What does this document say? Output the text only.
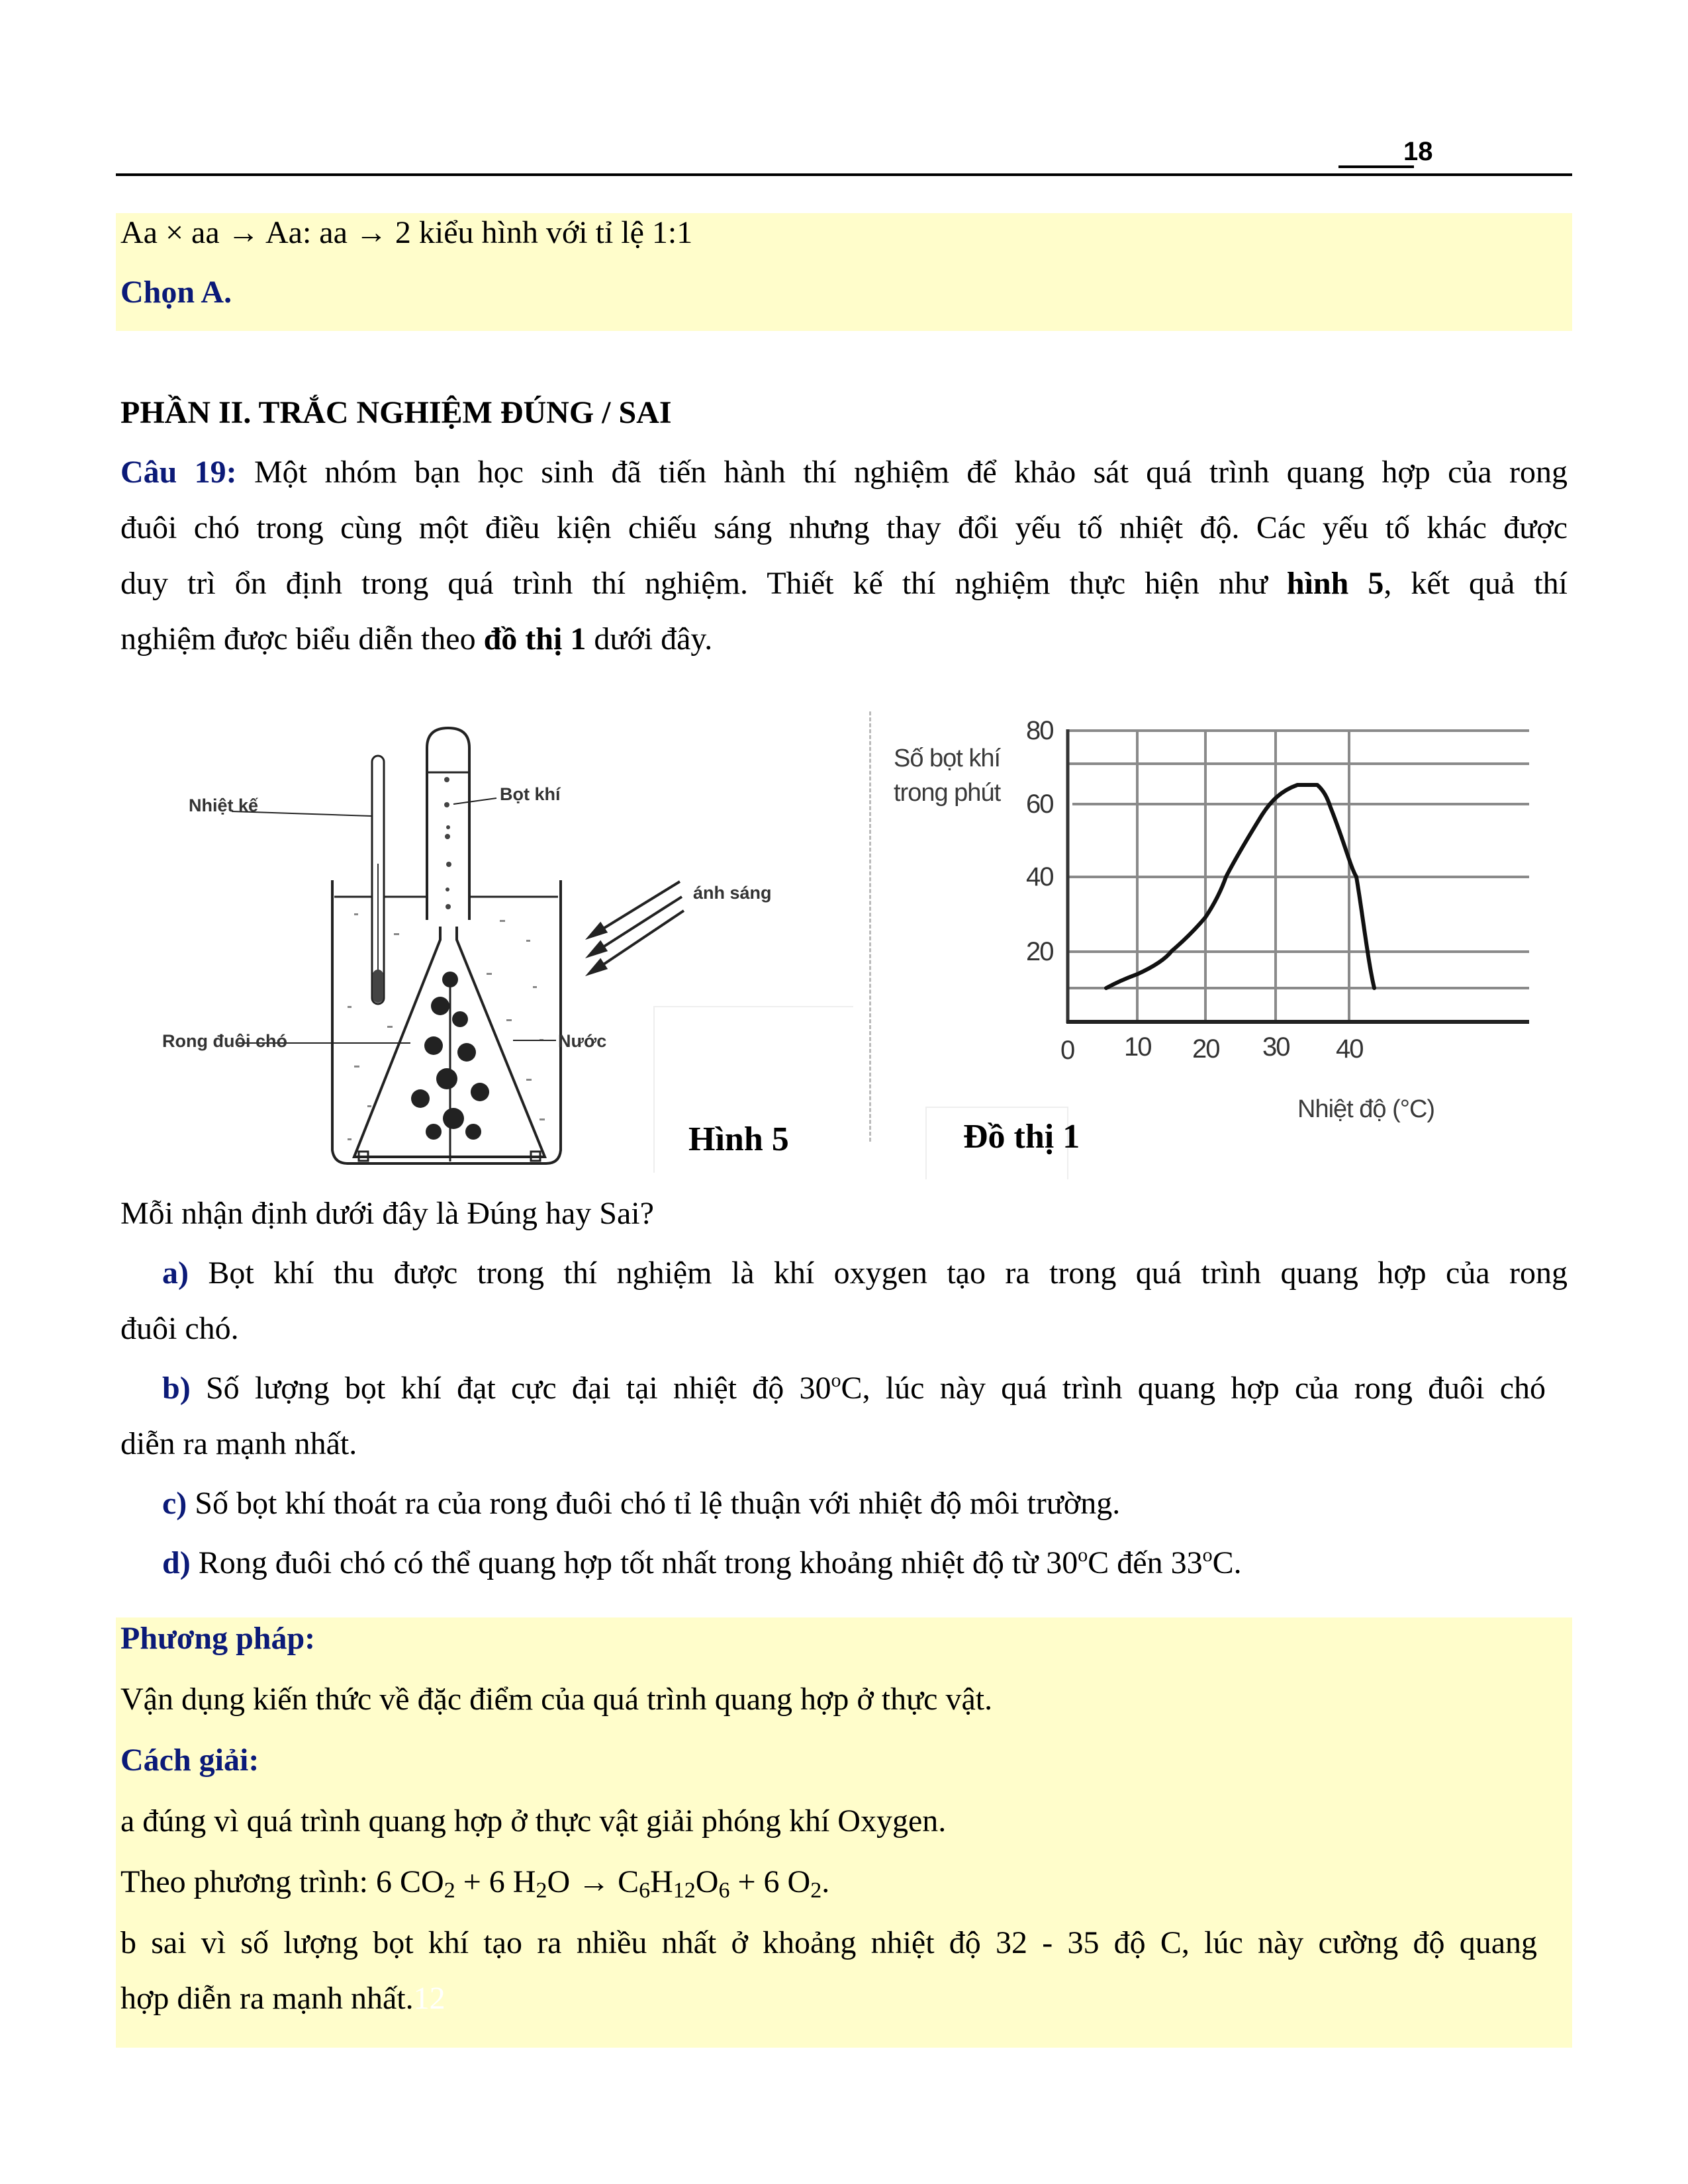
18
Aa × aa → Aa: aa → 2 kiểu hình với tỉ lệ 1:1
Chọn A.
PHẦN II. TRẮC NGHIỆM ĐÚNG / SAI
Câu 19: Một nhóm bạn học sinh đã tiến hành thí nghiệm để khảo sát quá trình quang hợp của rong
đuôi chó trong cùng một điều kiện chiếu sáng nhưng thay đổi yếu tố nhiệt độ. Các yếu tố khác được
duy trì ổn định trong quá trình thí nghiệm. Thiết kế thí nghiệm thực hiện như hình 5, kết quả thí
nghiệm được biểu diễn theo đồ thị 1 dưới đây.
Nhiệt kế
Bọt khí
ánh sáng
Rong đuôi chó	Nước
Hình 5
Số bọt khí
trong phút
80
60
40
20
0 10 20 30 40
Nhiệt độ (°C)
Đồ thị 1
Mỗi nhận định dưới đây là Đúng hay Sai?
a) Bọt khí thu được trong thí nghiệm là khí oxygen tạo ra trong quá trình quang hợp của rong
đuôi chó.
b) Số lượng bọt khí đạt cực đại tại nhiệt độ 30$^o$C, lúc này quá trình quang hợp của rong đuôi chó
diễn ra mạnh nhất.
c) Số bọt khí thoát ra của rong đuôi chó tỉ lệ thuận với nhiệt độ môi trường.
d) Rong đuôi chó có thể quang hợp tốt nhất trong khoảng nhiệt độ từ 30$^o$C đến 33$^o$C.
Phương pháp:
Vận dụng kiến thức về đặc điểm của quá trình quang hợp ở thực vật.
Cách giải:
a đúng vì quá trình quang hợp ở thực vật giải phóng khí Oxygen.
Theo phương trình: 6 $CO_2 + 6$ $H_2O \to C_6H_{12}O_6 + 6$ $O_2$.
b sai vì số lượng bọt khí tạo ra nhiều nhất ở khoảng nhiệt độ 32 - 35 độ C, lúc này cường độ quang
hợp diễn ra mạnh nhất.12
